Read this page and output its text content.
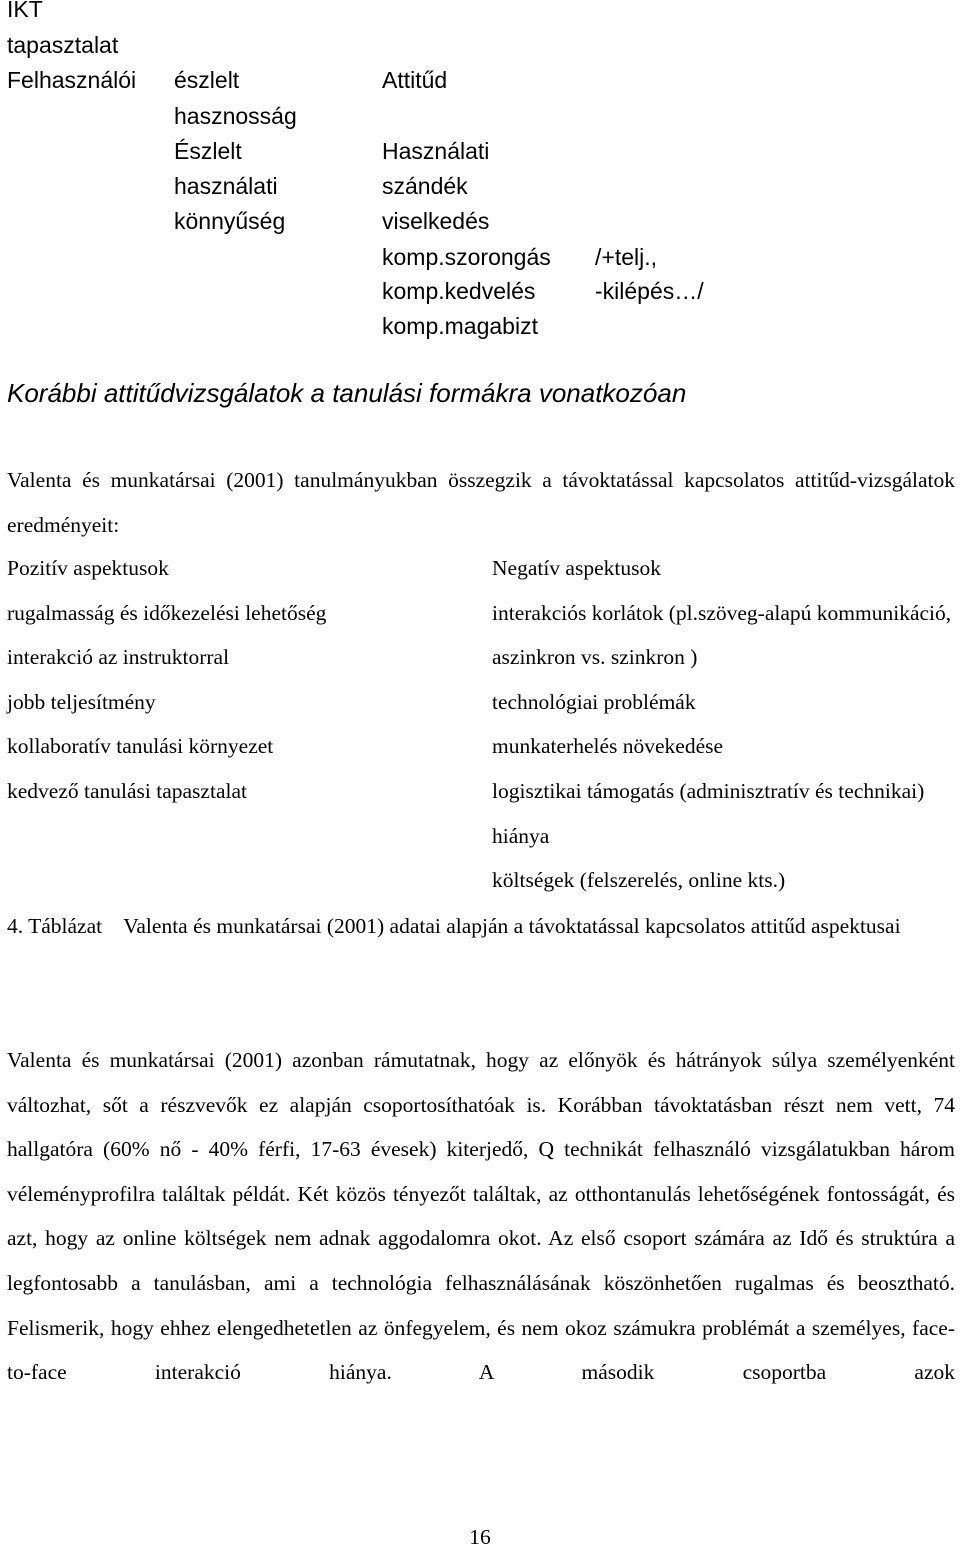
IKT
tapasztalat
Felhasználói észlelt
hasznosság
Észlelt
használati
könnyűség
Attitűd
Használati
szándék
viselkedés
komp.szorongás
komp.kedvelés
komp.magabizt
/+telj.,
-kilépés…/
Korábbi attitűdvizsgálatok a tanulási formákra vonatkozóan

Valenta és munkatársai (2001) tanulmányukban összegzik a távoktatással kapcsolatos attitűd-vizsgálatok eredményeit:

Pozitív aspektusok
rugalmasság és időkezelési lehetőség
interakció az instruktorral
jobb teljesítmény
kollaboratív tanulási környezet
kedvező tanulási tapasztalat
Negatív aspektusok
interakciós korlátok (pl.szöveg-alapú kommunikáció, aszinkron vs. szinkron )
technológiai problémák
munkaterhelés növekedése
logisztikai támogatás (adminisztratív és technikai) hiánya
költségek (felszerelés, online kts.)

4. Táblázat Valenta és munkatársai (2001) adatai alapján a távoktatással kapcsolatos attitűd aspektusai

Valenta és munkatársai (2001) azonban rámutatnak, hogy az előnyök és hátrányok súlya személyenként változhat, sőt a részvevők ez alapján csoportosíthatóak is. Korábban távoktatásban részt nem vett, 74 hallgatóra (60% nő - 40% férfi, 17-63 évesek) kiterjedő, Q technikát felhasználó vizsgálatukban három véleményprofilra találtak példát. Két közös tényezőt találtak, az otthontanulás lehetőségének fontosságát, és azt, hogy az online költségek nem adnak aggodalomra okot. Az első csoport számára az Idő és struktúra a legfontosabb a tanulásban, ami a technológia felhasználásának köszönhetően rugalmas és beosztható. Felismerik, hogy ehhez elengedhetetlen az önfegyelem, és nem okoz számukra problémát a személyes, face-to-face interakció hiánya. A második csoportba azok

16
